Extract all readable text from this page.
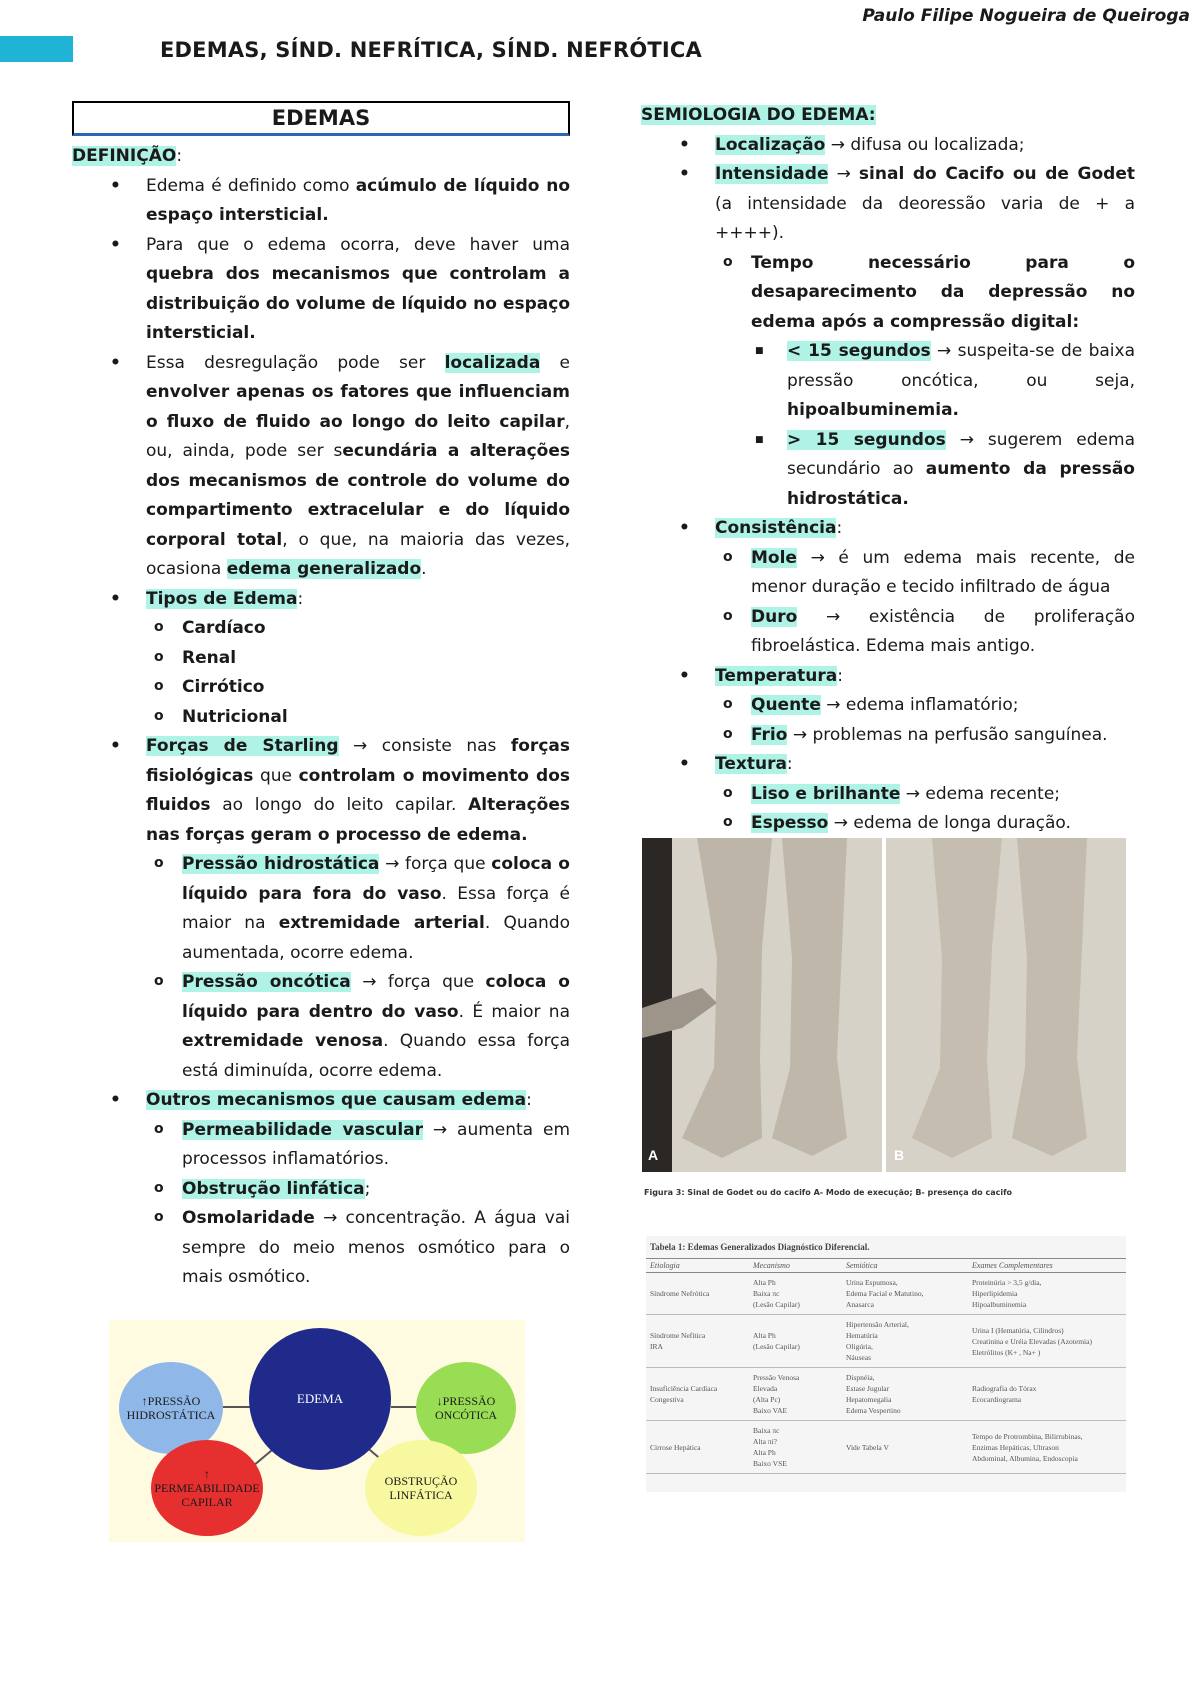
Paulo Filipe Nogueira de Queiroga
EDEMAS, SÍND. NEFRÍTICA, SÍND. NEFRÓTICA
EDEMAS
DEFINIÇÃO:
• Edema é definido como acúmulo de líquido no espaço intersticial.
• Para que o edema ocorra, deve haver uma quebra dos mecanismos que controlam a distribuição do volume de líquido no espaço intersticial.
• Essa desregulação pode ser localizada e envolver apenas os fatores que influenciam o fluxo de fluido ao longo do leito capilar, ou, ainda, pode ser secundária a alterações dos mecanismos de controle do volume do compartimento extracelular e do líquido corporal total, o que, na maioria das vezes, ocasiona edema generalizado.
• Tipos de Edema:
o Cardíaco
o Renal
o Cirrótico
o Nutricional
• Forças de Starling → consiste nas forças fisiológicas que controlam o movimento dos fluidos ao longo do leito capilar. Alterações nas forças geram o processo de edema.
o Pressão hidrostática → força que coloca o líquido para fora do vaso. Essa força é maior na extremidade arterial. Quando aumentada, ocorre edema.
o Pressão oncótica → força que coloca o líquido para dentro do vaso. É maior na extremidade venosa. Quando essa força está diminuída, ocorre edema.
• Outros mecanismos que causam edema:
o Permeabilidade vascular → aumenta em processos inflamatórios.
o Obstrução linfática;
o Osmolaridade → concentração. A água vai sempre do meio menos osmótico para o mais osmótico.
EDEMA
↑PRESSÃO HIDROSTÁTICA
↓PRESSÃO ONCÓTICA
↑ PERMEABILIDADE CAPILAR
OBSTRUÇÃO LINFÁTICA
SEMIOLOGIA DO EDEMA:
• Localização → difusa ou localizada;
• Intensidade → sinal do Cacifo ou de Godet (a intensidade da deoressão varia de + a ++++).
o Tempo necessário para o desaparecimento da depressão no edema após a compressão digital:
■ < 15 segundos → suspeita-se de baixa pressão oncótica, ou seja, hipoalbuminemia.
■ > 15 segundos → sugerem edema secundário ao aumento da pressão hidrostática.
• Consistência:
o Mole → é um edema mais recente, de menor duração e tecido infiltrado de água
o Duro → existência de proliferação fibroelástica. Edema mais antigo.
• Temperatura:
o Quente → edema inflamatório;
o Frio → problemas na perfusão sanguínea.
• Textura:
o Liso e brilhante → edema recente;
o Espesso → edema de longa duração.
A	B
Figura 3: Sinal de Godet ou do cacifo A- Modo de execução; B- presença do cacifo
Tabela 1: Edemas Generalizados Diagnóstico Diferencial.
Etiologia	Mecanismo	Semiótica	Exames Complementares
Síndrome Nefrótica	Alta Ph
Baixa πc
(Lesão Capilar)	Urina Espumosa,
Edema Facial e Matutino,
Anasarca	Proteinúria > 3,5 g/dia,
Hiperlipidemia
Hipoalbuminemia
Síndrome Nefítica
IRA	Alta Ph
(Lesão Capilar)	Hipertensão Arterial,
Hematúria
Oligúria,
Náuseas	Urina I (Hematúria, Cilindros)
Creatinina e Uréia Elevadas (Azotemia)
Eletrólitos (K+ , Na+ )
Insuficiência Cardíaca
Congestiva	Pressão Venosa
Elevada
(Alta Pc)
Baixo VAE	Dispnéia,
Estase Jugular
Hepatomegalia
Edema Vespertino	Radiografia do Tórax
Ecocardiograma
Cirrose Hepática	Baixa πc
Alta πi?
Alta Ph
Baixo VSE	Vide Tabela V	Tempo de Protrombina, Bilirrubinas,
Enzimas Hepáticas, Ultrason
Abdominal, Albumina, Endoscopia
